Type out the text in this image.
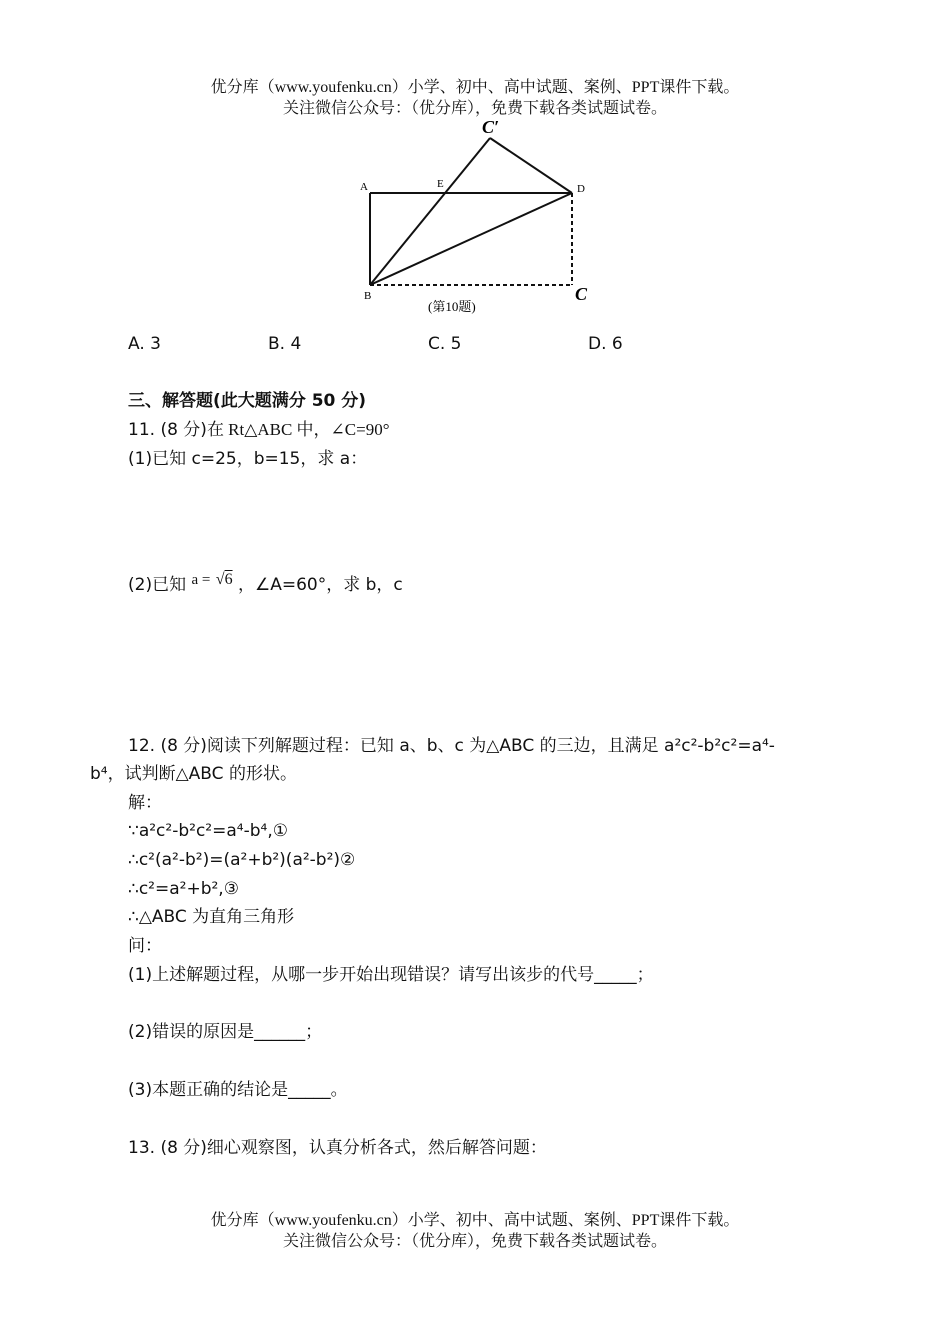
优分库（www.youfenku.cn）小学、初中、高中试题、案例、PPT课件下载。
关注微信公众号：（优分库），免费下载各类试题试卷。
A	E	D
B	C
C′
(第10题)
A. 3	B. 4	C. 5	D. 6
三、解答题(此大题满分 50 分)
11. (8 分)在 Rt△ABC 中，∠C=90°
(1)已知 c=25，b=15，求 a：
(2)已知 a = √6 ，∠A=60°，求 b，c
12. (8 分)阅读下列解题过程：已知 a、b、c 为△ABC 的三边，且满足 a²c²-b²c²=a⁴-
b⁴，试判断△ABC 的形状。
解：
∵a²c²-b²c²=a⁴-b⁴,①
∴c²(a²-b²)=(a²+b²)(a²-b²)②
∴c²=a²+b²,③
∴△ABC 为直角三角形
问：
(1)上述解题过程，从哪一步开始出现错误？请写出该步的代号_____；
(2)错误的原因是______；
(3)本题正确的结论是_____。
13. (8 分)细心观察图，认真分析各式，然后解答问题：
优分库（www.youfenku.cn）小学、初中、高中试题、案例、PPT课件下载。
关注微信公众号：（优分库），免费下载各类试题试卷。
